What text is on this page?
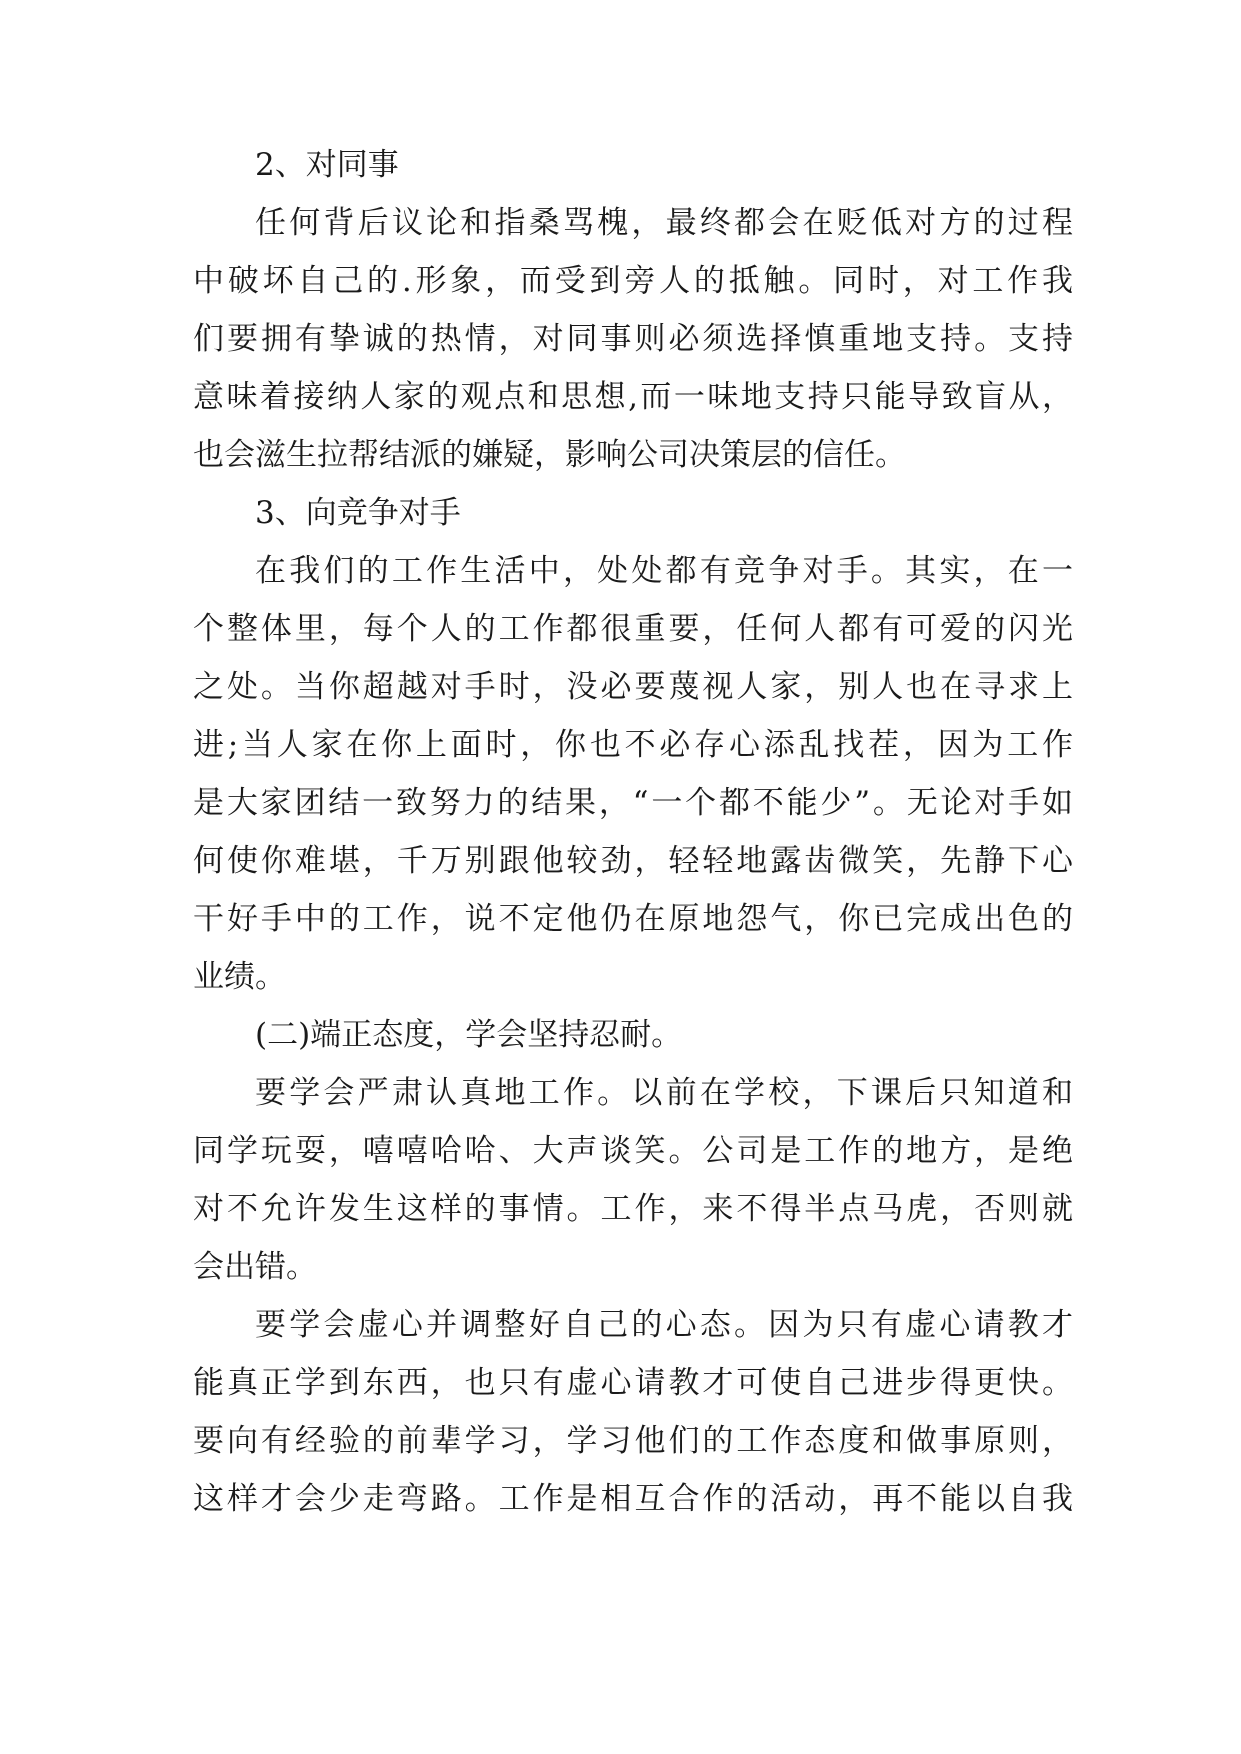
2、对同事
任何背后议论和指桑骂槐，最终都会在贬低对方的过程
中破坏自己的.形象，而受到旁人的抵触。同时，对工作我
们要拥有挚诚的热情，对同事则必须选择慎重地支持。支持
意味着接纳人家的观点和思想,而一味地支持只能导致盲从，
也会滋生拉帮结派的嫌疑，影响公司决策层的信任。
3、向竞争对手
在我们的工作生活中，处处都有竞争对手。其实，在一
个整体里，每个人的工作都很重要，任何人都有可爱的闪光
之处。当你超越对手时，没必要蔑视人家，别人也在寻求上
进;当人家在你上面时，你也不必存心添乱找茬，因为工作
是大家团结一致努力的结果，“一个都不能少”。无论对手如
何使你难堪，千万别跟他较劲，轻轻地露齿微笑，先静下心
干好手中的工作，说不定他仍在原地怨气，你已完成出色的
业绩。
(二)端正态度，学会坚持忍耐。
要学会严肃认真地工作。以前在学校，下课后只知道和
同学玩耍，嘻嘻哈哈、大声谈笑。公司是工作的地方，是绝
对不允许发生这样的事情。工作，来不得半点马虎，否则就
会出错。
要学会虚心并调整好自己的心态。因为只有虚心请教才
能真正学到东西，也只有虚心请教才可使自己进步得更快。
要向有经验的前辈学习，学习他们的工作态度和做事原则，
这样才会少走弯路。工作是相互合作的活动，再不能以自我
